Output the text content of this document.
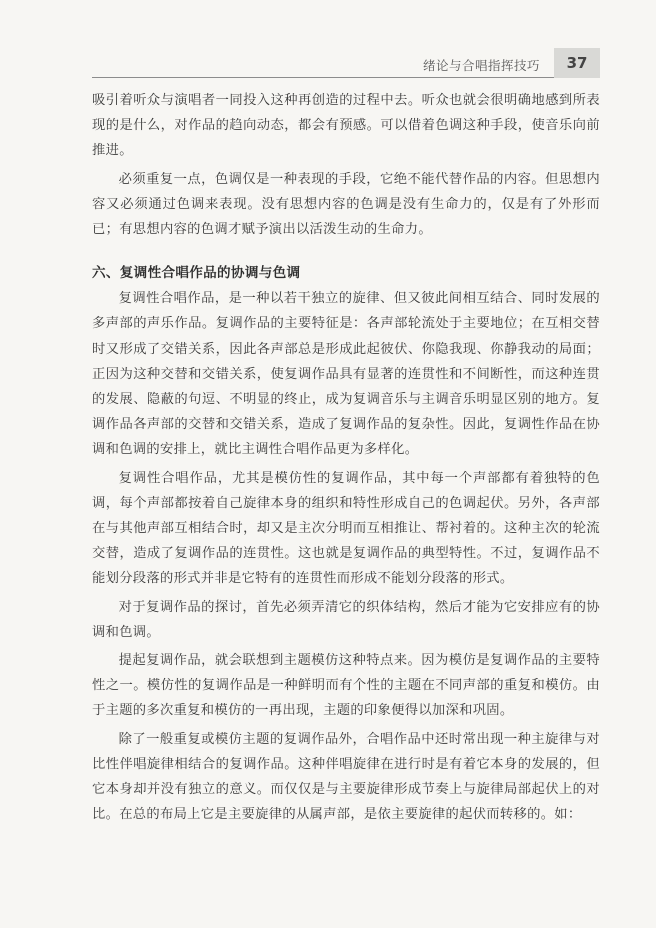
绪论与合唱指挥技巧	37

吸引着听众与演唱者一同投入这种再创造的过程中去。听众也就会很明确地感到所表现的是什么，对作品的趋向动态，都会有预感。可以借着色调这种手段，使音乐向前推进。

必须重复一点，色调仅是一种表现的手段，它绝不能代替作品的内容。但思想内容又必须通过色调来表现。没有思想内容的色调是没有生命力的，仅是有了外形而已；有思想内容的色调才赋予演出以活泼生动的生命力。

六、复调性合唱作品的协调与色调

复调性合唱作品，是一种以若干独立的旋律、但又彼此间相互结合、同时发展的多声部的声乐作品。复调作品的主要特征是：各声部轮流处于主要地位；在互相交替时又形成了交错关系，因此各声部总是形成此起彼伏、你隐我现、你静我动的局面；正因为这种交替和交错关系，使复调作品具有显著的连贯性和不间断性，而这种连贯的发展、隐蔽的句逗、不明显的终止，成为复调音乐与主调音乐明显区别的地方。复调作品各声部的交替和交错关系，造成了复调作品的复杂性。因此，复调性作品在协调和色调的安排上，就比主调性合唱作品更为多样化。

复调性合唱作品，尤其是模仿性的复调作品，其中每一个声部都有着独特的色调，每个声部都按着自己旋律本身的组织和特性形成自己的色调起伏。另外，各声部在与其他声部互相结合时，却又是主次分明而互相推让、帮衬着的。这种主次的轮流交替，造成了复调作品的连贯性。这也就是复调作品的典型特性。不过，复调作品不能划分段落的形式并非是它特有的连贯性而形成不能划分段落的形式。

对于复调作品的探讨，首先必须弄清它的织体结构，然后才能为它安排应有的协调和色调。

提起复调作品，就会联想到主题模仿这种特点来。因为模仿是复调作品的主要特性之一。模仿性的复调作品是一种鲜明而有个性的主题在不同声部的重复和模仿。由于主题的多次重复和模仿的一再出现，主题的印象便得以加深和巩固。

除了一般重复或模仿主题的复调作品外，合唱作品中还时常出现一种主旋律与对比性伴唱旋律相结合的复调作品。这种伴唱旋律在进行时是有着它本身的发展的，但它本身却并没有独立的意义。而仅仅是与主要旋律形成节奏上与旋律局部起伏上的对比。在总的布局上它是主要旋律的从属声部，是依主要旋律的起伏而转移的。如：
